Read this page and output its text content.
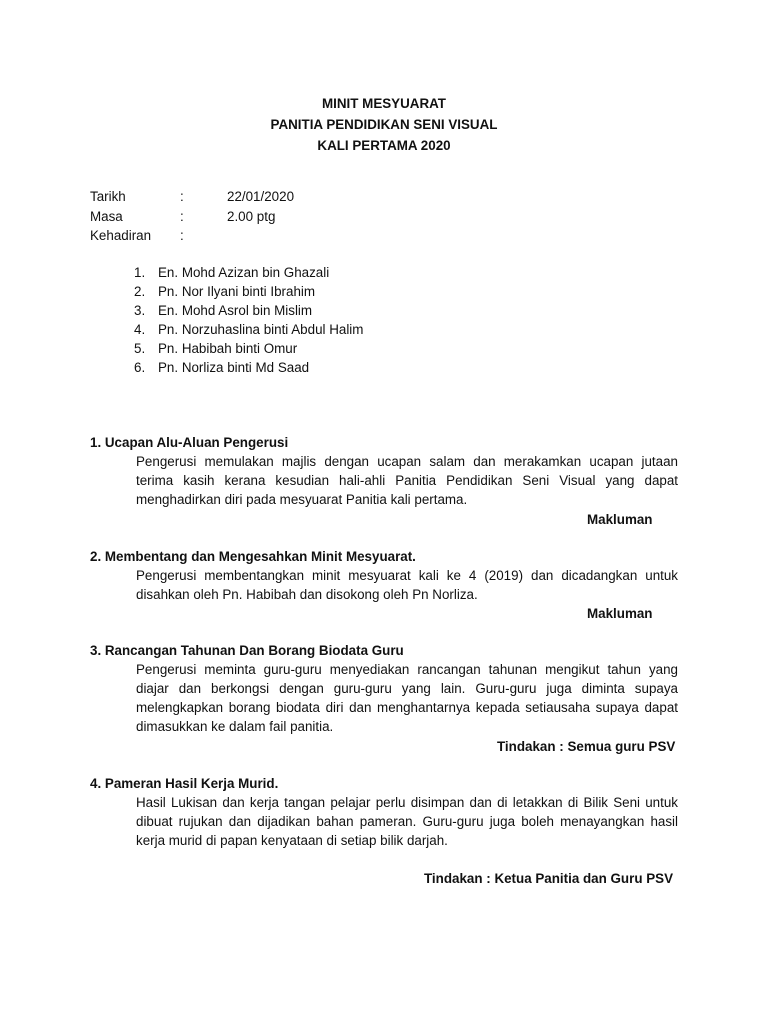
MINIT MESYUARAT
PANITIA PENDIDIKAN SENI VISUAL
KALI PERTAMA 2020
Tarikh	:	22/01/2020
Masa	:	2.00 ptg
Kehadiran :
1. En. Mohd Azizan bin Ghazali
2. Pn. Nor Ilyani binti Ibrahim
3. En. Mohd Asrol bin Mislim
4. Pn. Norzuhaslina binti Abdul Halim
5. Pn. Habibah binti Omur
6. Pn. Norliza binti Md Saad
1. Ucapan Alu-Aluan Pengerusi
Pengerusi memulakan majlis dengan ucapan salam dan merakamkan ucapan jutaan
terima kasih kerana kesudian hali-ahli Panitia Pendidikan Seni Visual yang dapat
menghadirkan diri pada mesyuarat Panitia kali pertama.
Makluman
2. Membentang dan Mengesahkan Minit Mesyuarat.
Pengerusi membentangkan minit mesyuarat kali ke 4 (2019) dan dicadangkan untuk
disahkan oleh Pn. Habibah dan disokong oleh Pn Norliza.
Makluman
3. Rancangan Tahunan Dan Borang Biodata Guru
Pengerusi meminta guru-guru menyediakan rancangan tahunan mengikut tahun yang
diajar dan berkongsi dengan guru-guru yang lain. Guru-guru juga diminta supaya
melengkapkan borang biodata diri dan menghantarnya kepada setiausaha supaya dapat
dimasukkan ke dalam fail panitia.
Tindakan : Semua guru PSV
4. Pameran Hasil Kerja Murid.
Hasil Lukisan dan kerja tangan pelajar perlu disimpan dan di letakkan di Bilik Seni untuk
dibuat rujukan dan dijadikan bahan pameran. Guru-guru juga boleh menayangkan hasil
kerja murid di papan kenyataan di setiap bilik darjah.
Tindakan : Ketua Panitia dan Guru PSV
